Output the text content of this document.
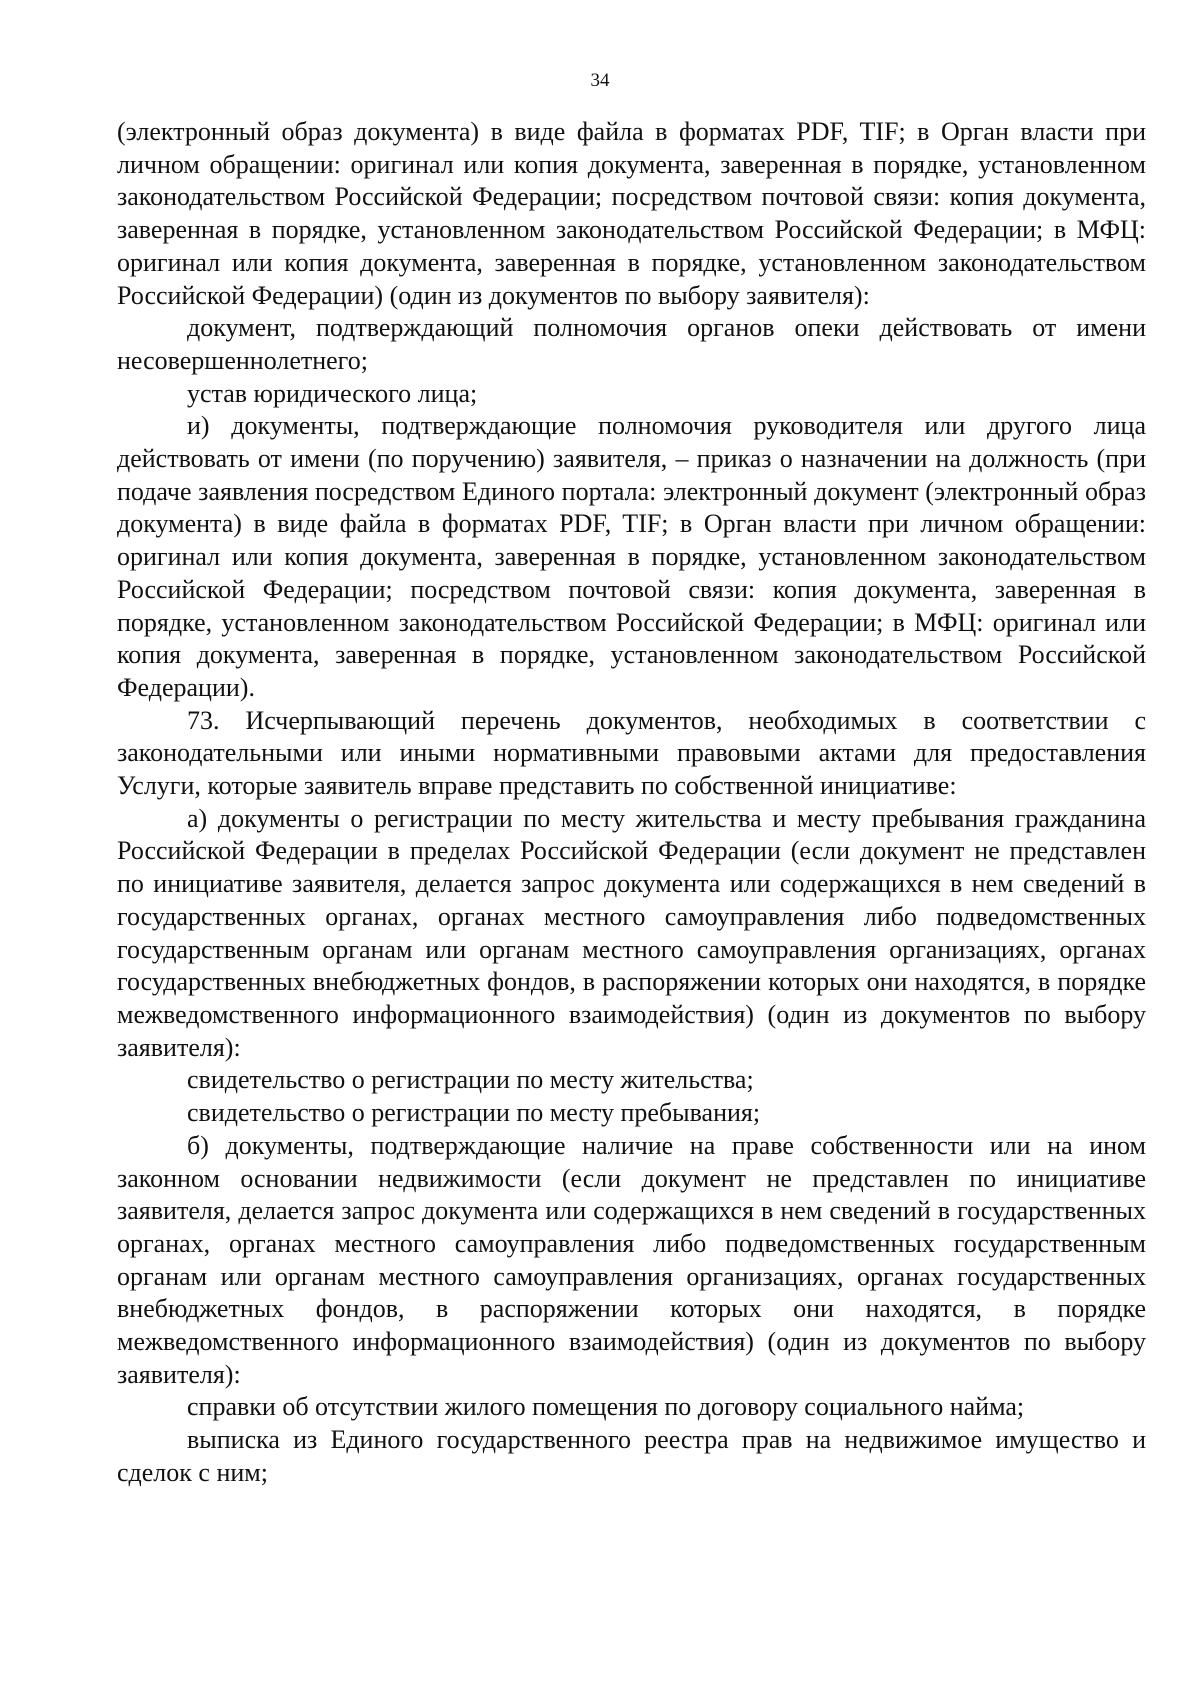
34

(электронный образ документа) в виде файла в форматах PDF, TIF; в Орган власти при личном обращении: оригинал или копия документа, заверенная в порядке, установленном законодательством Российской Федерации; посредством почтовой связи: копия документа, заверенная в порядке, установленном законодательством Российской Федерации; в МФЦ: оригинал или копия документа, заверенная в порядке, установленном законодательством Российской Федерации) (один из документов по выбору заявителя):

документ, подтверждающий полномочия органов опеки действовать от имени несовершеннолетнего;

устав юридического лица;

и) документы, подтверждающие полномочия руководителя или другого лица действовать от имени (по поручению) заявителя, – приказ о назначении на должность (при подаче заявления посредством Единого портала: электронный документ (электронный образ документа) в виде файла в форматах PDF, TIF; в Орган власти при личном обращении: оригинал или копия документа, заверенная в порядке, установленном законодательством Российской Федерации; посредством почтовой связи: копия документа, заверенная в порядке, установленном законодательством Российской Федерации; в МФЦ: оригинал или копия документа, заверенная в порядке, установленном законодательством Российской Федерации).

73. Исчерпывающий перечень документов, необходимых в соответствии с законодательными или иными нормативными правовыми актами для предоставления Услуги, которые заявитель вправе представить по собственной инициативе:

а) документы о регистрации по месту жительства и месту пребывания гражданина Российской Федерации в пределах Российской Федерации (если документ не представлен по инициативе заявителя, делается запрос документа или содержащихся в нем сведений в государственных органах, органах местного самоуправления либо подведомственных государственным органам или органам местного самоуправления организациях, органах государственных внебюджетных фондов, в распоряжении которых они находятся, в порядке межведомственного информационного взаимодействия) (один из документов по выбору заявителя):

свидетельство о регистрации по месту жительства;

свидетельство о регистрации по месту пребывания;

б) документы, подтверждающие наличие на праве собственности или на ином законном основании недвижимости (если документ не представлен по инициативе заявителя, делается запрос документа или содержащихся в нем сведений в государственных органах, органах местного самоуправления либо подведомственных государственным органам или органам местного самоуправления организациях, органах государственных внебюджетных фондов, в распоряжении которых они находятся, в порядке межведомственного информационного взаимодействия) (один из документов по выбору заявителя):

справки об отсутствии жилого помещения по договору социального найма;

выписка из Единого государственного реестра прав на недвижимое имущество и сделок с ним;
